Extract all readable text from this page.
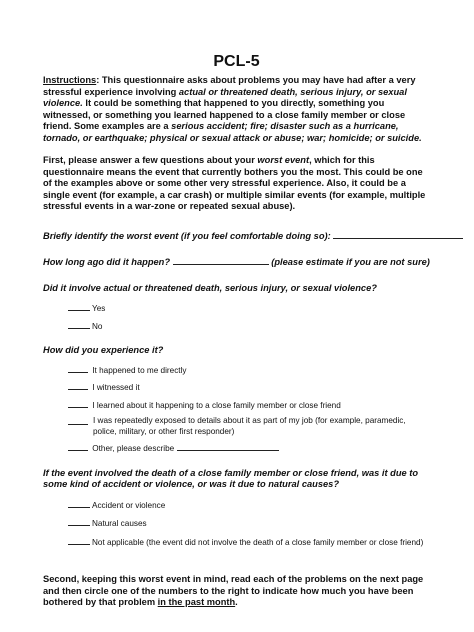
PCL-5

Instructions: This questionnaire asks about problems you may have had after a very stressful experience involving actual or threatened death, serious injury, or sexual violence. It could be something that happened to you directly, something you witnessed, or something you learned happened to a close family member or close friend. Some examples are a serious accident; fire; disaster such as a hurricane, tornado, or earthquake; physical or sexual attack or abuse; war; homicide; or suicide.

First, please answer a few questions about your worst event, which for this questionnaire means the event that currently bothers you the most. This could be one of the examples above or some other very stressful experience. Also, it could be a single event (for example, a car crash) or multiple similar events (for example, multiple stressful events in a war-zone or repeated sexual abuse).

Briefly identify the worst event (if you feel comfortable doing so):

How long ago did it happen?	(please estimate if you are not sure)

Did it involve actual or threatened death, serious injury, or sexual violence?

Yes

No

How did you experience it?

It happened to me directly

I witnessed it

I learned about it happening to a close family member or close friend

I was repeatedly exposed to details about it as part of my job (for example, paramedic, police, military, or other first responder)

Other, please describe

If the event involved the death of a close family member or close friend, was it due to some kind of accident or violence, or was it due to natural causes?

Accident or violence

Natural causes

Not applicable (the event did not involve the death of a close family member or close friend)

Second, keeping this worst event in mind, read each of the problems on the next page and then circle one of the numbers to the right to indicate how much you have been bothered by that problem in the past month.
